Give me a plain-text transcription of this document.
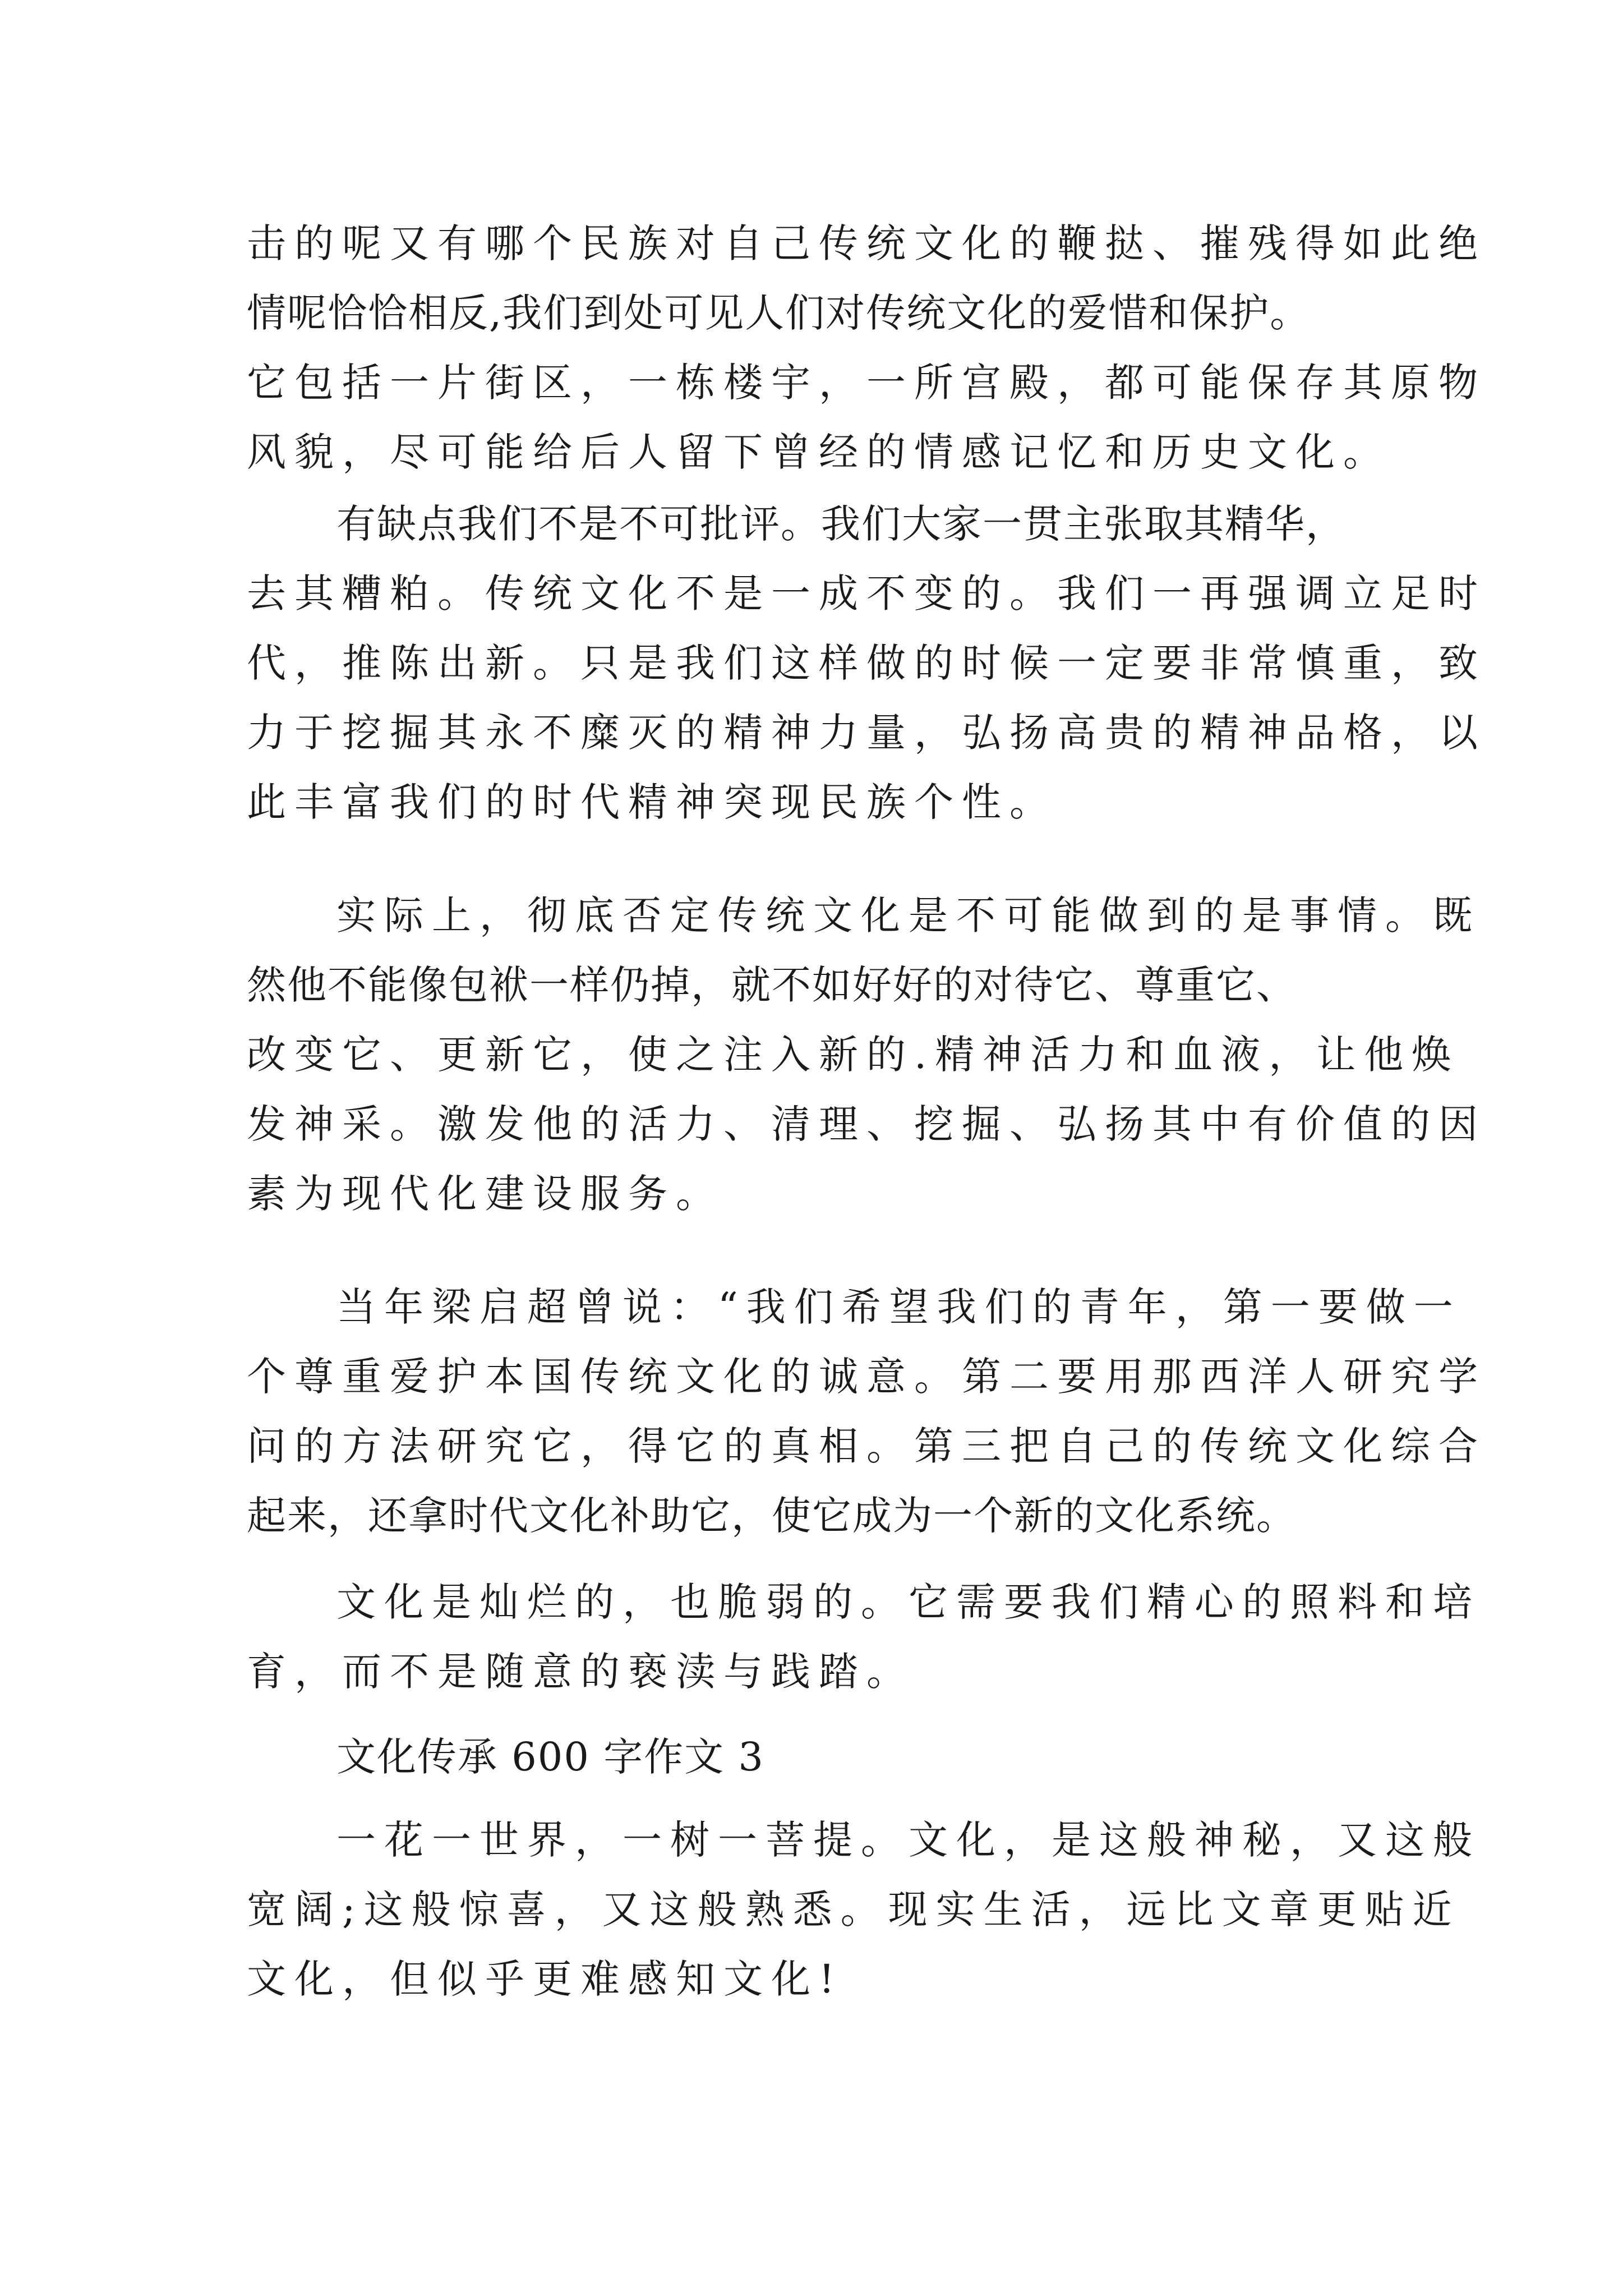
击的呢又有哪个民族对自己传统文化的鞭挞、摧残得如此绝

情呢恰恰相反,我们到处可见人们对传统文化的爱惜和保护。

它包括一片街区，一栋楼宇，一所宫殿，都可能保存其原物

风貌，尽可能给后人留下曾经的情感记忆和历史文化。

有缺点我们不是不可批评。我们大家一贯主张取其精华，

去其糟粕。传统文化不是一成不变的。我们一再强调立足时

代，推陈出新。只是我们这样做的时候一定要非常慎重，致

力于挖掘其永不糜灭的精神力量，弘扬高贵的精神品格，以

此丰富我们的时代精神突现民族个性。

实际上，彻底否定传统文化是不可能做到的是事情。既

然他不能像包袱一样仍掉，就不如好好的对待它、尊重它、

改变它、更新它，使之注入新的.精神活力和血液，让他焕

发神采。激发他的活力、清理、挖掘、弘扬其中有价值的因

素为现代化建设服务。

当年梁启超曾说：“我们希望我们的青年，第一要做一

个尊重爱护本国传统文化的诚意。第二要用那西洋人研究学

问的方法研究它，得它的真相。第三把自己的传统文化综合

起来，还拿时代文化补助它，使它成为一个新的文化系统。

文化是灿烂的，也脆弱的。它需要我们精心的照料和培

育，而不是随意的亵渎与践踏。

文化传承 600 字作文 3

一花一世界，一树一菩提。文化，是这般神秘，又这般

宽阔;这般惊喜，又这般熟悉。现实生活，远比文章更贴近

文化，但似乎更难感知文化!
